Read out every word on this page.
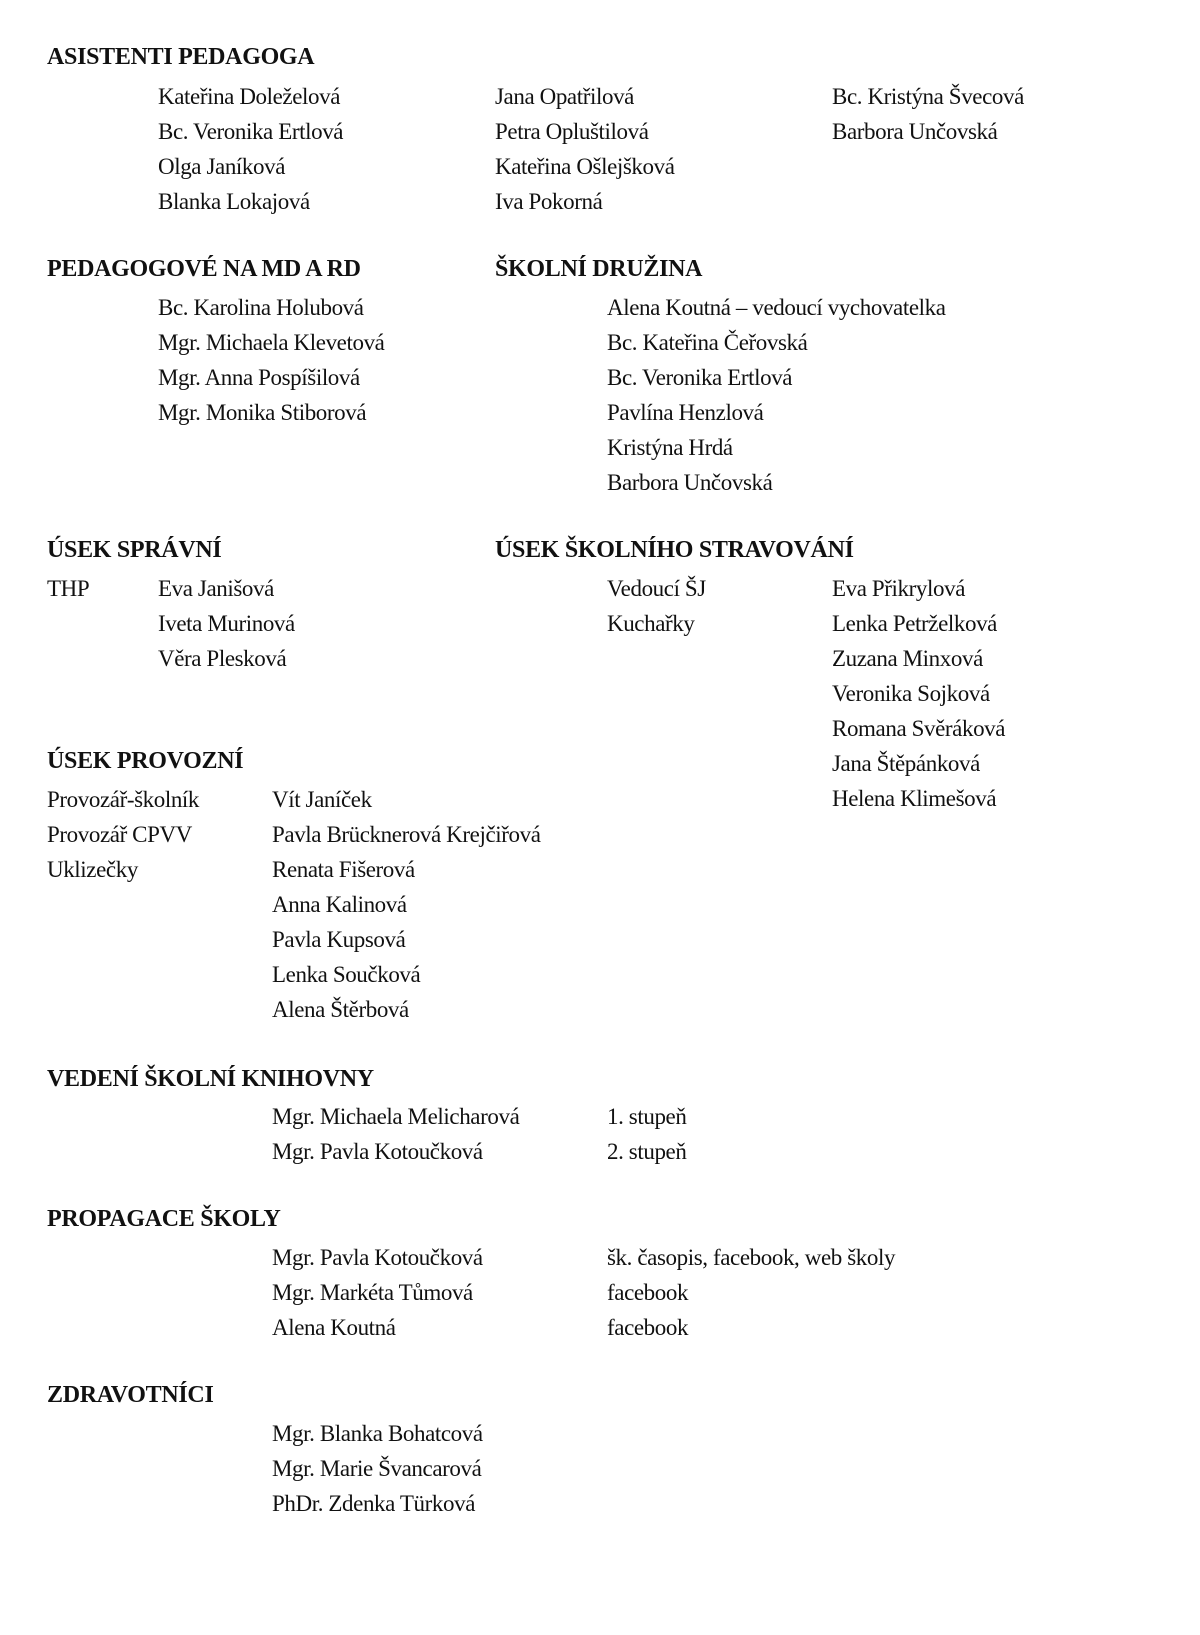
ASISTENTI PEDAGOGA
Kateřina Doleželová
Bc. Veronika Ertlová
Olga Janíková
Blanka Lokajová
Jana Opatřilová
Petra Opluštilová
Kateřina Ošlejšková
Iva Pokorná
Bc. Kristýna Švecová
Barbora Unčovská
PEDAGOGOVÉ NA MD A RD
Bc. Karolina Holubová
Mgr. Michaela Klevetová
Mgr. Anna Pospíšilová
Mgr. Monika Stiborová
ŠKOLNÍ DRUŽINA
Alena Koutná – vedoucí vychovatelka
Bc. Kateřina Čeřovská
Bc. Veronika Ertlová
Pavlína Henzlová
Kristýna Hrdá
Barbora Unčovská
ÚSEK SPRÁVNÍ
THP	Eva Janišová
Iveta Murinová
Věra Plesková
ÚSEK ŠKOLNÍHO STRAVOVÁNÍ
Vedoucí ŠJ
Kuchařky
Eva Přikrylová
Lenka Petrželková
Zuzana Minxová
Veronika Sojková
Romana Svěráková
Jana Štěpánková
Helena Klimešová
ÚSEK PROVOZNÍ
Provozář-školník
Provozář CPVV
Uklizečky
Vít Janíček
Pavla Brücknerová Krejčiřová
Renata Fišerová
Anna Kalinová
Pavla Kupsová
Lenka Součková
Alena Štěrbová
VEDENÍ ŠKOLNÍ KNIHOVNY
Mgr. Michaela Melicharová
Mgr. Pavla Kotoučková
1. stupeň
2. stupeň
PROPAGACE ŠKOLY
Mgr. Pavla Kotoučková
Mgr. Markéta Tůmová
Alena Koutná
šk. časopis, facebook, web školy
facebook
facebook
ZDRAVOTNÍCI
Mgr. Blanka Bohatcová
Mgr. Marie Švancarová
PhDr. Zdenka Türková
